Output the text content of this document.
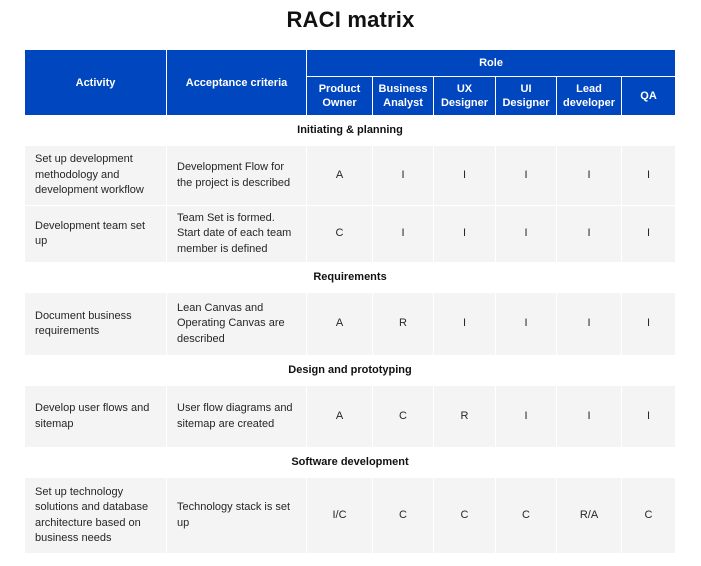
RACI matrix
Activity	Acceptance criteria	Role					
		Product Owner	Business Analyst	UX Designer	UI Designer	Lead developer	QA
Initiating & planning							
Set up development methodology and development workflow	Development Flow for the project is described	A	I	I	I	I	I
Development team set up	Team Set is formed. Start date of each team member is defined	C	I	I	I	I	I
Requirements							
Document business requirements	Lean Canvas and Operating Canvas are described	A	R	I	I	I	I
Design and prototyping							
Develop user flows and sitemap	User flow diagrams and sitemap are created	A	C	R	I	I	I
Software development							
Set up technology solutions and database architecture based on business needs	Technology stack is set up	I/C	C	C	C	R/A	C
